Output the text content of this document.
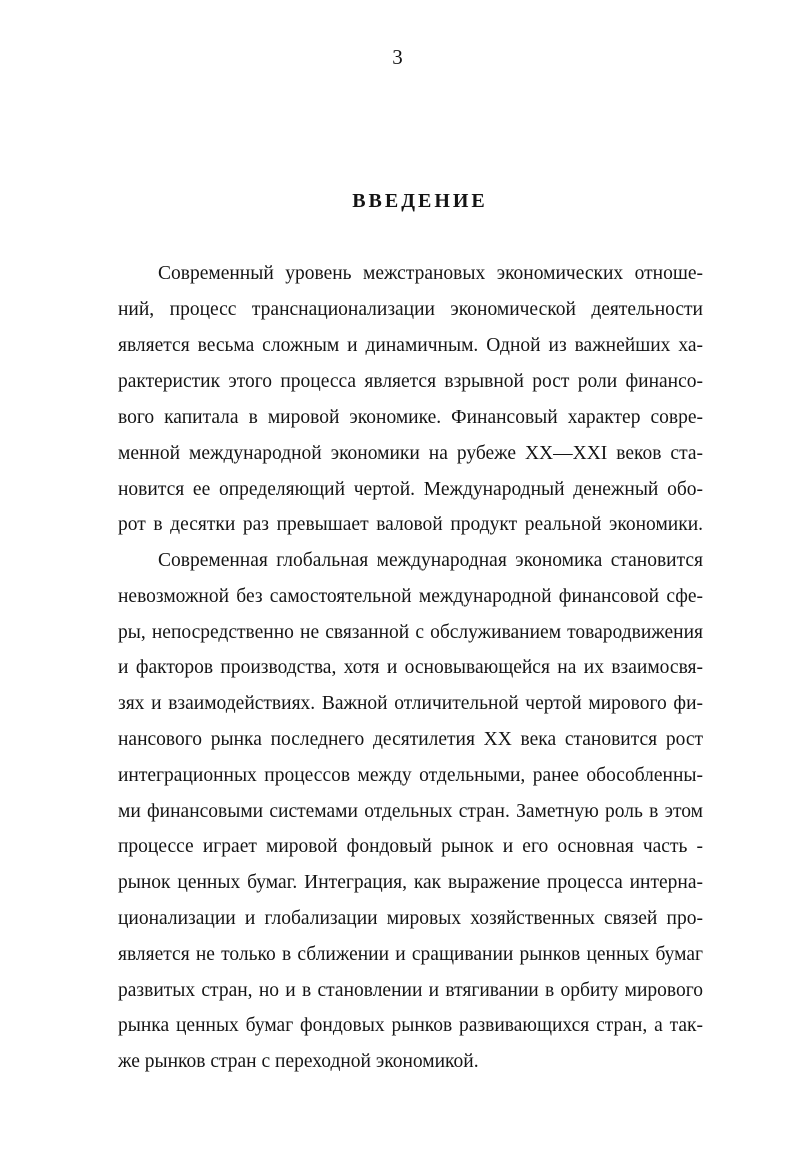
3
ВВЕДЕНИЕ
Современный уровень межстрановых экономических отноше-
ний, процесс транснационализации экономической деятельности
является весьма сложным и динамичным. Одной из важнейших ха-
рактеристик этого процесса является взрывной рост роли финансо-
вого капитала в мировой экономике. Финансовый характер совре-
менной международной экономики на рубеже XX—XXI веков ста-
новится ее определяющий чертой. Международный денежный обо-
рот в десятки раз превышает валовой продукт реальной экономики.
Современная глобальная международная экономика становится
невозможной без самостоятельной международной финансовой сфе-
ры, непосредственно не связанной с обслуживанием товародвижения
и факторов производства, хотя и основывающейся на их взаимосвя-
зях и взаимодействиях. Важной отличительной чертой мирового фи-
нансового рынка последнего десятилетия XX века становится рост
интеграционных процессов между отдельными, ранее обособленны-
ми финансовыми системами отдельных стран. Заметную роль в этом
процессе играет мировой фондовый рынок и его основная часть -
рынок ценных бумаг. Интеграция, как выражение процесса интерна-
ционализации и глобализации мировых хозяйственных связей про-
является не только в сближении и сращивании рынков ценных бумаг
развитых стран, но и в становлении и втягивании в орбиту мирового
рынка ценных бумаг фондовых рынков развивающихся стран, а так-
же рынков стран с переходной экономикой.
